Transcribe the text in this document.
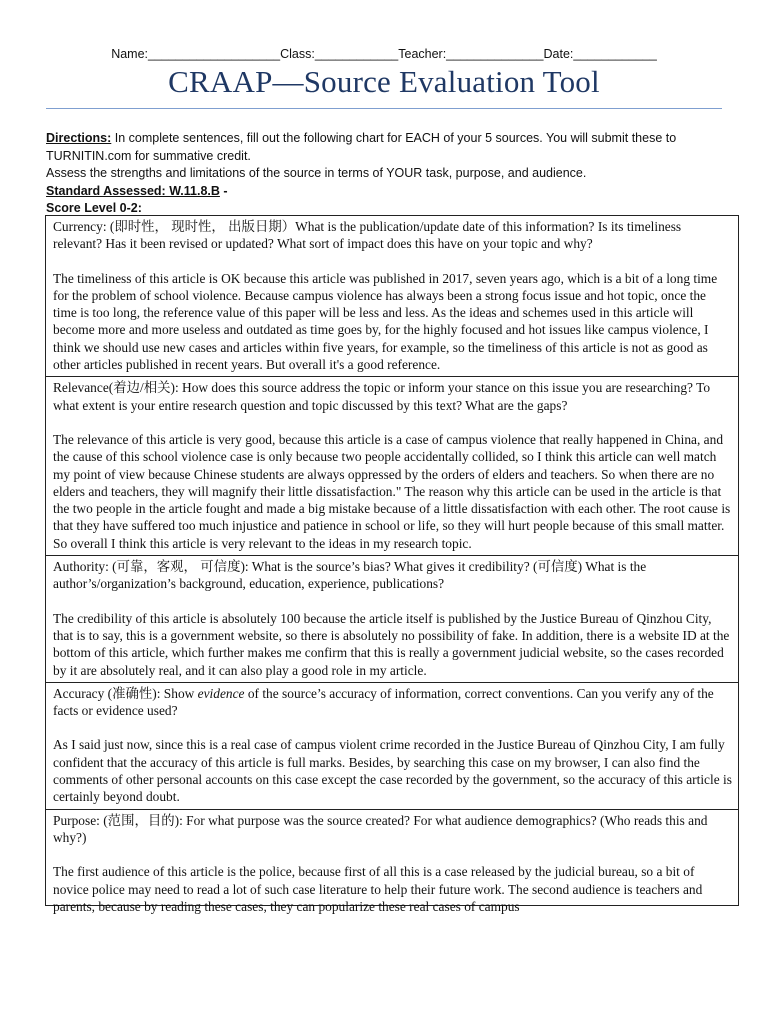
Name:___________________Class:____________Teacher:______________Date:____________
CRAAP—Source Evaluation Tool

Directions: In complete sentences, fill out the following chart for EACH of your 5 sources. You will submit these to TURNITIN.com for summative credit.

Assess the strengths and limitations of the source in terms of YOUR task, purpose, and audience.

Standard Assessed: W.11.8.B -

Score Level 0-2:

Currency: (即时性， 现时性， 出版日期）What is the publication/update date of this information? Is its timeliness relevant? Has it been revised or updated? What sort of impact does this have on your topic and why?

The timeliness of this article is OK because this article was published in 2017, seven years ago, which is a bit of a long time for the problem of school violence. Because campus violence has always been a strong focus issue and hot topic, once the time is too long, the reference value of this paper will be less and less. As the ideas and schemes used in this article will become more and more useless and outdated as time goes by, for the highly focused and hot issues like campus violence, I think we should use new cases and articles within five years, for example, so the timeliness of this article is not as good as other articles published in recent years. But overall it's a good reference.

Relevance(着边/相关): How does this source address the topic or inform your stance on this issue you are researching? To what extent is your entire research question and topic discussed by this text? What are the gaps?

The relevance of this article is very good, because this article is a case of campus violence that really happened in China, and the cause of this school violence case is only because two people accidentally collided, so I think this article can well match my point of view because Chinese students are always oppressed by the orders of elders and teachers. So when there are no elders and teachers, they will magnify their little dissatisfaction." The reason why this article can be used in the article is that the two people in the article fought and made a big mistake because of a little dissatisfaction with each other. The root cause is that they have suffered too much injustice and patience in school or life, so they will hurt people because of this small matter. So overall I think this article is very relevant to the ideas in my research topic.

Authority: (可靠，客观， 可信度): What is the source’s bias? What gives it credibility? (可信度) What is the author’s/organization’s background, education, experience, publications?

The credibility of this article is absolutely 100 because the article itself is published by the Justice Bureau of Qinzhou City, that is to say, this is a government website, so there is absolutely no possibility of fake. In addition, there is a website ID at the bottom of this article, which further makes me confirm that this is really a government judicial website, so the cases recorded by it are absolutely real, and it can also play a good role in my article.

Accuracy (准确性): Show evidence of the source’s accuracy of information, correct conventions. Can you verify any of the facts or evidence used?

As I said just now, since this is a real case of campus violent crime recorded in the Justice Bureau of Qinzhou City, I am fully confident that the accuracy of this article is full marks. Besides, by searching this case on my browser, I can also find the comments of other personal accounts on this case except the case recorded by the government, so the accuracy of this article is certainly beyond doubt.

Purpose: (范围，目的): For what purpose was the source created? For what audience demographics? (Who reads this and why?)

The first audience of this article is the police, because first of all this is a case released by the judicial bureau, so a bit of novice police may need to read a lot of such case literature to help their future work. The second audience is teachers and parents, because by reading these cases, they can popularize these real cases of campus
